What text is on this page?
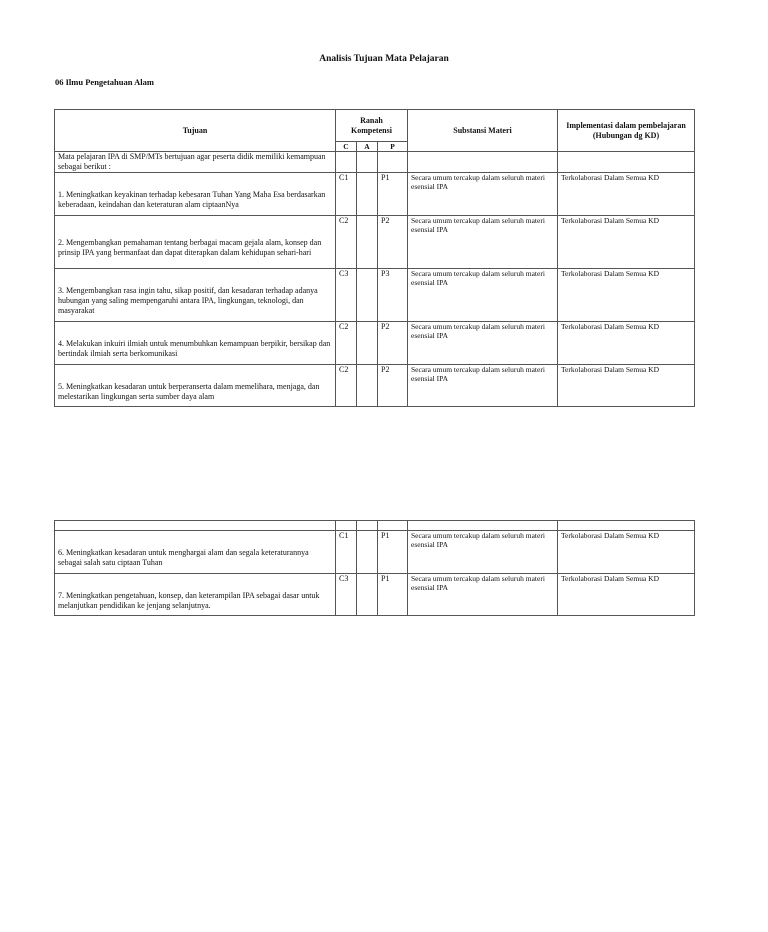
Analisis Tujuan Mata Pelajaran
06 Ilmu Pengetahuan Alam
Tujuan	Ranah Kompetensi			Substansi Materi	Implementasi dalam pembelajaran (Hubungan dg KD)
	C	A	P		
Mata pelajaran IPA di SMP/MTs bertujuan agar peserta didik memiliki kemampuan sebagai berikut :					
1. Meningkatkan keyakinan terhadap kebesaran Tuhan Yang Maha Esa berdasarkan keberadaan, keindahan dan keteraturan alam ciptaanNya	C1		P1	Secara umum tercakup dalam seluruh materi esensial IPA	Terkolaborasi Dalam Semua KD
2. Mengembangkan pemahaman tentang berbagai macam gejala alam, konsep dan prinsip IPA yang bermanfaat dan dapat diterapkan dalam kehidupan sehari-hari	C2		P2	Secara umum tercakup dalam seluruh materi esensial IPA	Terkolaborasi Dalam Semua KD
3. Mengembangkan rasa ingin tahu, sikap positif, dan kesadaran terhadap adanya hubungan yang saling mempengaruhi antara IPA, lingkungan, teknologi, dan masyarakat	C3		P3	Secara umum tercakup dalam seluruh materi esensial IPA	Terkolaborasi Dalam Semua KD
4. Melakukan inkuiri ilmiah untuk menumbuhkan kemampuan berpikir, bersikap dan bertindak ilmiah serta berkomunikasi	C2		P2	Secara umum tercakup dalam seluruh materi esensial IPA	Terkolaborasi Dalam Semua KD
5. Meningkatkan kesadaran untuk berperanserta dalam memelihara, menjaga, dan melestarikan lingkungan serta sumber daya alam	C2		P2	Secara umum tercakup dalam seluruh materi esensial IPA	Terkolaborasi Dalam Semua KD

6. Meningkatkan kesadaran untuk menghargai alam dan segala keteraturannya sebagai salah satu ciptaan Tuhan	C1		P1	Secara umum tercakup dalam seluruh materi esensial IPA	Terkolaborasi Dalam Semua KD
7. Meningkatkan pengetahuan, konsep, dan keterampilan IPA sebagai dasar untuk melanjutkan pendidikan ke jenjang selanjutnya.	C3		P1	Secara umum tercakup dalam seluruh materi esensial IPA	Terkolaborasi Dalam Semua KD
